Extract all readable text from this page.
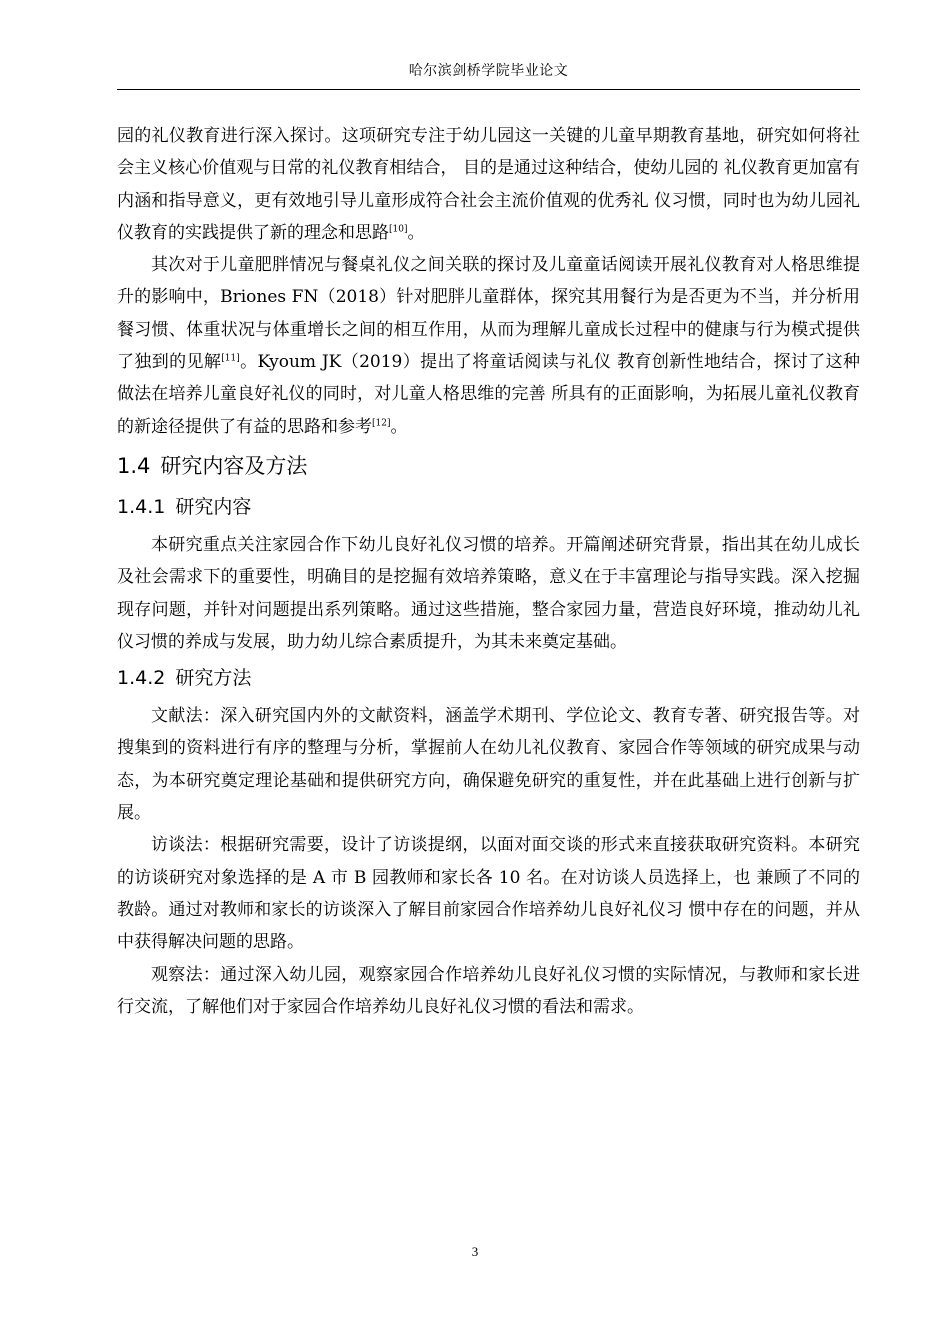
哈尔滨剑桥学院毕业论文

园的礼仪教育进行深入探讨。这项研究专注于幼儿园这一关键的儿童早期教育基地，研究如何将社会主义核心价值观与日常的礼仪教育相结合， 目的是通过这种结合，使幼儿园的 礼仪教育更加富有内涵和指导意义，更有效地引导儿童形成符合社会主流价值观的优秀礼 仪习惯，同时也为幼儿园礼仪教育的实践提供了新的理念和思路[10]。

其次对于儿童肥胖情况与餐桌礼仪之间关联的探讨及儿童童话阅读开展礼仪教育对人格思维提升的影响中，Briones FN（2018）针对肥胖儿童群体，探究其用餐行为是否更为不当，并分析用餐习惯、体重状况与体重增长之间的相互作用，从而为理解儿童成长过程中的健康与行为模式提供了独到的见解[11]。Kyoum JK（2019）提出了将童话阅读与礼仪 教育创新性地结合，探讨了这种做法在培养儿童良好礼仪的同时，对儿童人格思维的完善 所具有的正面影响，为拓展儿童礼仪教育的新途径提供了有益的思路和参考[12]。

1.4 研究内容及方法
1.4.1 研究内容

本研究重点关注家园合作下幼儿良好礼仪习惯的培养。开篇阐述研究背景，指出其在幼儿成长及社会需求下的重要性，明确目的是挖掘有效培养策略，意义在于丰富理论与指导实践。深入挖掘现存问题，并针对问题提出系列策略。通过这些措施，整合家园力量，营造良好环境，推动幼儿礼仪习惯的养成与发展，助力幼儿综合素质提升，为其未来奠定基础。

1.4.2 研究方法

文献法：深入研究国内外的文献资料，涵盖学术期刊、学位论文、教育专著、研究报告等。对搜集到的资料进行有序的整理与分析，掌握前人在幼儿礼仪教育、家园合作等领域的研究成果与动态，为本研究奠定理论基础和提供研究方向，确保避免研究的重复性，并在此基础上进行创新与扩展。

访谈法：根据研究需要，设计了访谈提纲，以面对面交谈的形式来直接获取研究资料。本研究的访谈研究对象选择的是 A 市 B 园教师和家长各 10 名。在对访谈人员选择上，也 兼顾了不同的教龄。通过对教师和家长的访谈深入了解目前家园合作培养幼儿良好礼仪习 惯中存在的问题，并从中获得解决问题的思路。

观察法：通过深入幼儿园，观察家园合作培养幼儿良好礼仪习惯的实际情况，与教师和家长进行交流，了解他们对于家园合作培养幼儿良好礼仪习惯的看法和需求。

3
